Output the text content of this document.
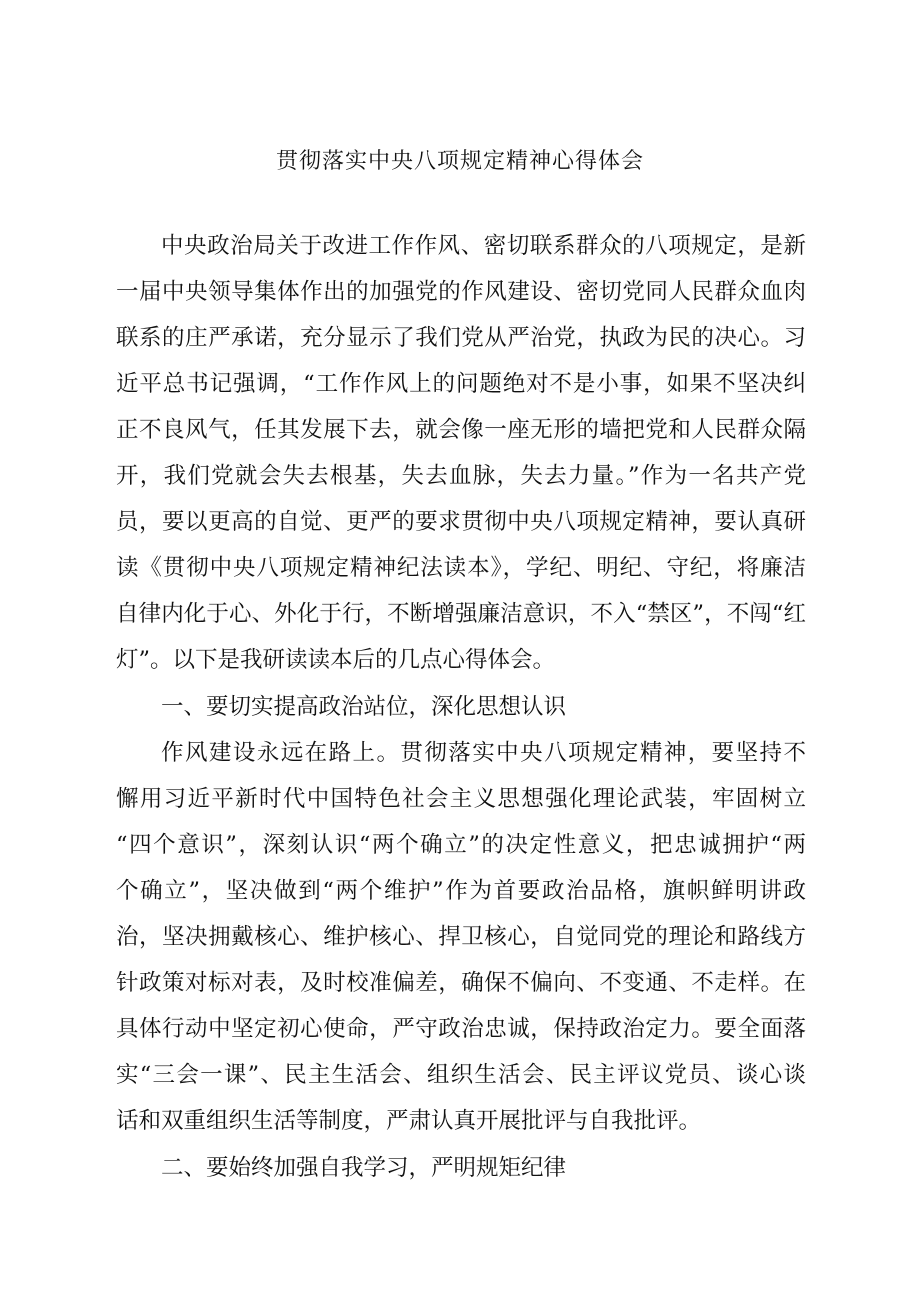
贯彻落实中央八项规定精神心得体会
中央政治局关于改进工作作风、密切联系群众的八项规定，是新
一届中央领导集体作出的加强党的作风建设、密切党同人民群众血肉
联系的庄严承诺，充分显示了我们党从严治党，执政为民的决心。习
近平总书记强调，“工作作风上的问题绝对不是小事，如果不坚决纠
正不良风气，任其发展下去，就会像一座无形的墙把党和人民群众隔
开，我们党就会失去根基，失去血脉，失去力量。”作为一名共产党
员，要以更高的自觉、更严的要求贯彻中央八项规定精神，要认真研
读《贯彻中央八项规定精神纪法读本》，学纪、明纪、守纪，将廉洁
自律内化于心、外化于行，不断增强廉洁意识，不入“禁区”，不闯“红
灯”。以下是我研读读本后的几点心得体会。
一、要切实提高政治站位，深化思想认识
作风建设永远在路上。贯彻落实中央八项规定精神，要坚持不
懈用习近平新时代中国特色社会主义思想强化理论武装，牢固树立
“四个意识”，深刻认识“两个确立”的决定性意义，把忠诚拥护“两
个确立”，坚决做到“两个维护”作为首要政治品格，旗帜鲜明讲政
治，坚决拥戴核心、维护核心、捍卫核心，自觉同党的理论和路线方
针政策对标对表，及时校准偏差，确保不偏向、不变通、不走样。在
具体行动中坚定初心使命，严守政治忠诚，保持政治定力。要全面落
实“三会一课”、民主生活会、组织生活会、民主评议党员、谈心谈
话和双重组织生活等制度，严肃认真开展批评与自我批评。
二、要始终加强自我学习，严明规矩纪律
